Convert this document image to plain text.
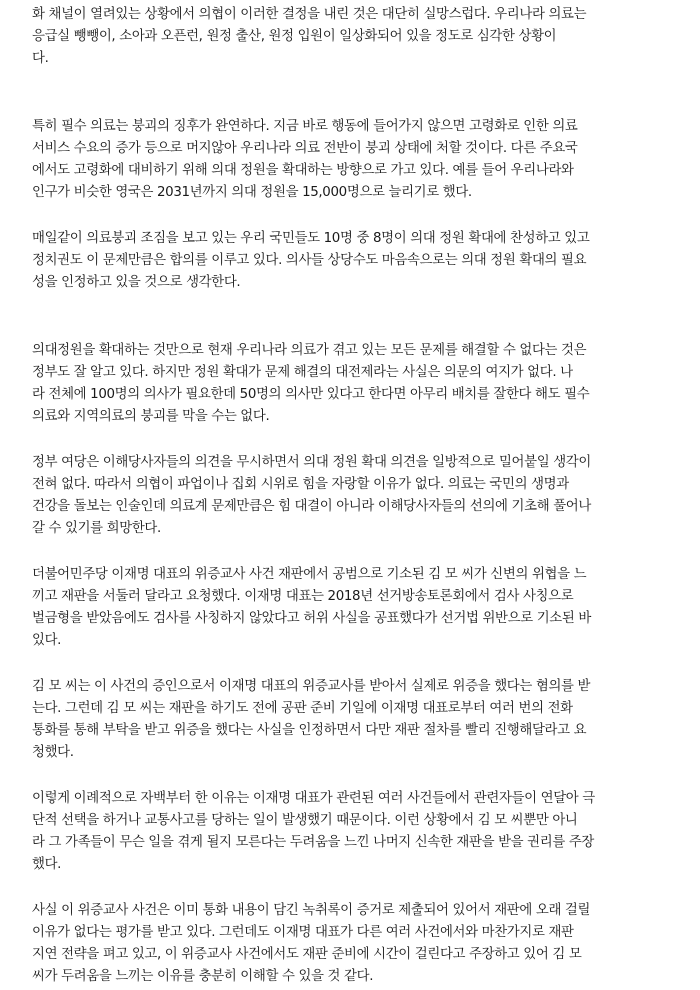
화 채널이 열려있는 상황에서 의협이 이러한 결정을 내린 것은 대단히 실망스럽다. 우리나라 의료는
응급실 뺑뺑이, 소아과 오픈런, 원정 출산, 원정 입원이 일상화되어 있을 정도로 심각한 상황이
다.
특히 필수 의료는 붕괴의 징후가 완연하다. 지금 바로 행동에 들어가지 않으면 고령화로 인한 의료
서비스 수요의 증가 등으로 머지않아 우리나라 의료 전반이 붕괴 상태에 처할 것이다. 다른 주요국
에서도 고령화에 대비하기 위해 의대 정원을 확대하는 방향으로 가고 있다. 예를 들어 우리나라와
인구가 비슷한 영국은 2031년까지 의대 정원을 15,000명으로 늘리기로 했다.
매일같이 의료붕괴 조짐을 보고 있는 우리 국민들도 10명 중 8명이 의대 정원 확대에 찬성하고 있고
정치권도 이 문제만큼은 합의를 이루고 있다. 의사들 상당수도 마음속으로는 의대 정원 확대의 필요
성을 인정하고 있을 것으로 생각한다.
의대정원을 확대하는 것만으로 현재 우리나라 의료가 겪고 있는 모든 문제를 해결할 수 없다는 것은
정부도 잘 알고 있다. 하지만 정원 확대가 문제 해결의 대전제라는 사실은 의문의 여지가 없다. 나
라 전체에 100명의 의사가 필요한데 50명의 의사만 있다고 한다면 아무리 배치를 잘한다 해도 필수
의료와 지역의료의 붕괴를 막을 수는 없다.
정부 여당은 이해당사자들의 의견을 무시하면서 의대 정원 확대 의견을 일방적으로 밀어붙일 생각이
전혀 없다. 따라서 의협이 파업이나 집회 시위로 힘을 자랑할 이유가 없다. 의료는 국민의 생명과
건강을 돌보는 인술인데 의료계 문제만큼은 힘 대결이 아니라 이해당사자들의 선의에 기초해 풀어나
갈 수 있기를 희망한다.
더불어민주당 이재명 대표의 위증교사 사건 재판에서 공범으로 기소된 김 모 씨가 신변의 위협을 느
끼고 재판을 서둘러 달라고 요청했다. 이재명 대표는 2018년 선거방송토론회에서 검사 사칭으로
벌금형을 받았음에도 검사를 사칭하지 않았다고 허위 사실을 공표했다가 선거법 위반으로 기소된 바
있다.
김 모 씨는 이 사건의 증인으로서 이재명 대표의 위증교사를 받아서 실제로 위증을 했다는 혐의를 받
는다. 그런데 김 모 씨는 재판을 하기도 전에 공판 준비 기일에 이재명 대표로부터 여러 번의 전화
통화를 통해 부탁을 받고 위증을 했다는 사실을 인정하면서 다만 재판 절차를 빨리 진행해달라고 요
청했다.
이렇게 이례적으로 자백부터 한 이유는 이재명 대표가 관련된 여러 사건들에서 관련자들이 연달아 극
단적 선택을 하거나 교통사고를 당하는 일이 발생했기 때문이다. 이런 상황에서 김 모 씨뿐만 아니
라 그 가족들이 무슨 일을 겪게 될지 모른다는 두려움을 느낀 나머지 신속한 재판을 받을 권리를 주장
했다.
사실 이 위증교사 사건은 이미 통화 내용이 담긴 녹취록이 증거로 제출되어 있어서 재판에 오래 걸릴
이유가 없다는 평가를 받고 있다. 그런데도 이재명 대표가 다른 여러 사건에서와 마찬가지로 재판
지연 전략을 펴고 있고, 이 위증교사 사건에서도 재판 준비에 시간이 걸린다고 주장하고 있어 김 모
씨가 두려움을 느끼는 이유를 충분히 이해할 수 있을 것 같다.
